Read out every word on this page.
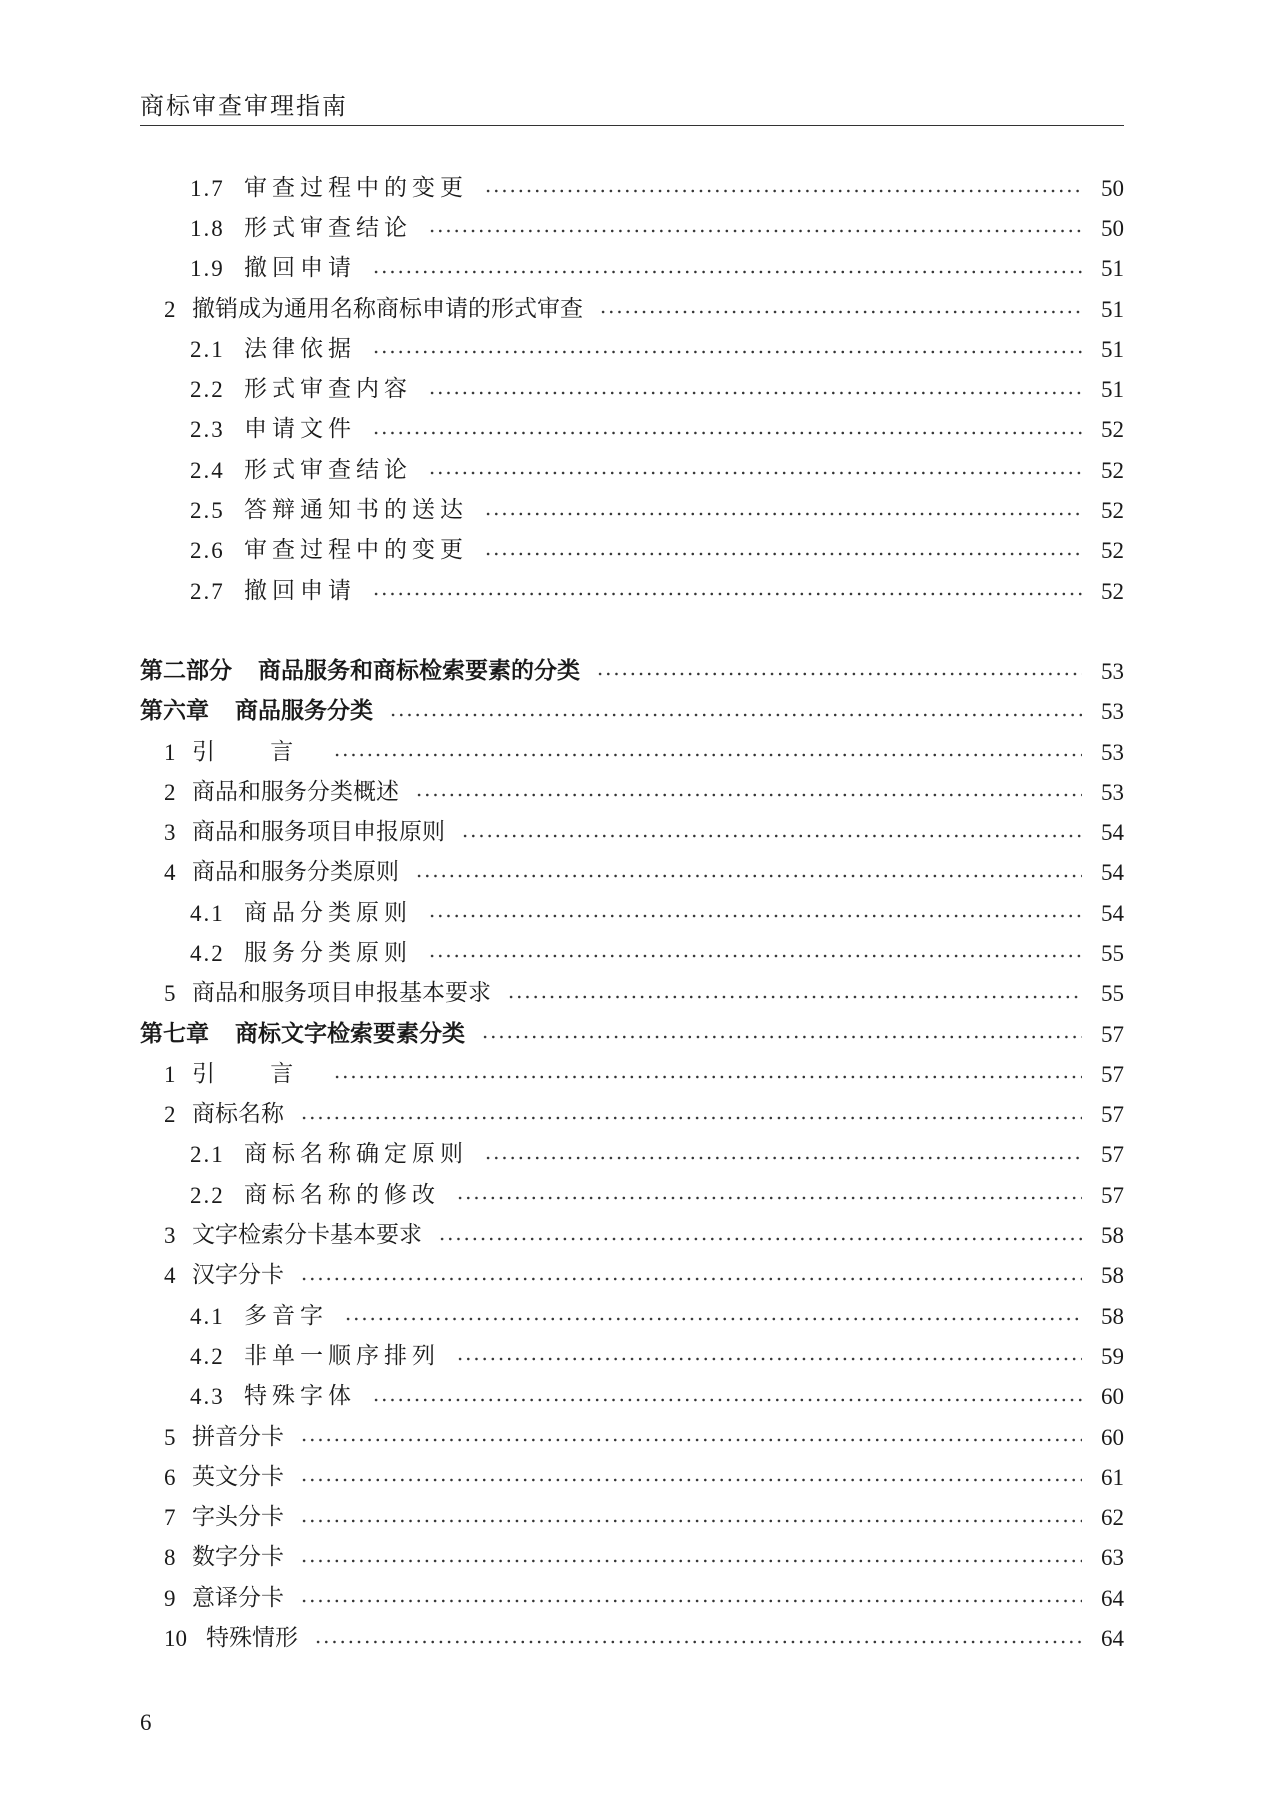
商标审查审理指南
1.7 审查过程中的变更	50
1.8 形式审查结论	50
1.9 撤回申请	51
2 撤销成为通用名称商标申请的形式审查	51
2.1 法律依据	51
2.2 形式审查内容	51
2.3 申请文件	52
2.4 形式审查结论	52
2.5 答辩通知书的送达	52
2.6 审查过程中的变更	52
2.7 撤回申请	52
第二部分 商品服务和商标检索要素的分类	53
第六章 商品服务分类	53
1 引 言	53
2 商品和服务分类概述	53
3 商品和服务项目申报原则	54
4 商品和服务分类原则	54
4.1 商品分类原则	54
4.2 服务分类原则	55
5 商品和服务项目申报基本要求	55
第七章 商标文字检索要素分类	57
1 引 言	57
2 商标名称	57
2.1 商标名称确定原则	57
2.2 商标名称的修改	57
3 文字检索分卡基本要求	58
4 汉字分卡	58
4.1 多音字	58
4.2 非单一顺序排列	59
4.3 特殊字体	60
5 拼音分卡	60
6 英文分卡	61
7 字头分卡	62
8 数字分卡	63
9 意译分卡	64
10 特殊情形	64
6
